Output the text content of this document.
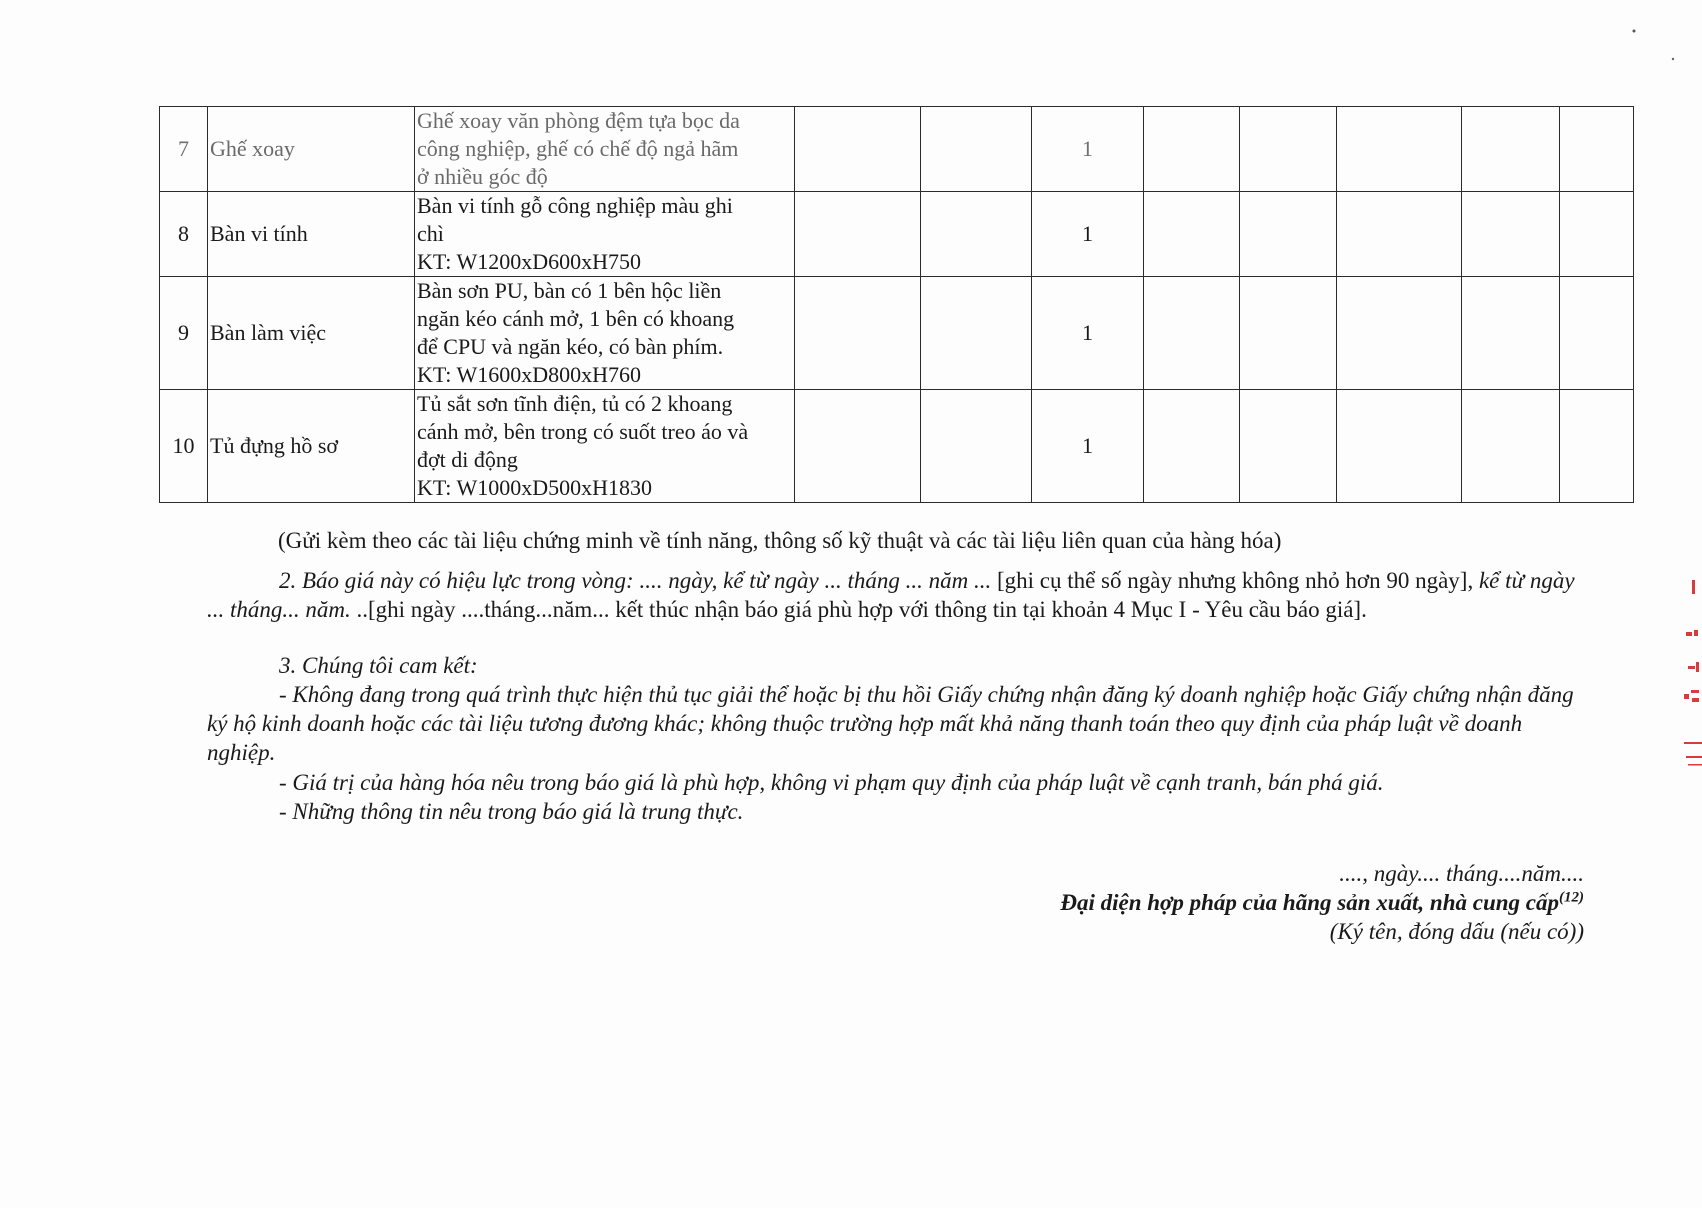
7	Ghế xoay	Ghế xoay văn phòng đệm tựa bọc da
công nghiệp, ghế có chế độ ngả hãm
ở nhiều góc độ			1					
8	Bàn vi tính	Bàn vi tính gỗ công nghiệp màu ghi
chì
KT: W1200xD600xH750			1					
9	Bàn làm việc	Bàn sơn PU, bàn có 1 bên hộc liền
ngăn kéo cánh mở, 1 bên có khoang
để CPU và ngăn kéo, có bàn phím.
KT: W1600xD800xH760			1					
10	Tủ đựng hồ sơ	Tủ sắt sơn tĩnh điện, tủ có 2 khoang
cánh mở, bên trong có suốt treo áo và
đợt di động
KT: W1000xD500xH1830			1					

(Gửi kèm theo các tài liệu chứng minh về tính năng, thông số kỹ thuật và các tài liệu liên quan của hàng hóa)

2. Báo giá này có hiệu lực trong vòng: .... ngày, kể từ ngày ... tháng ... năm ... [ghi cụ thể số ngày nhưng không nhỏ hơn 90 ngày], kể từ ngày ... tháng... năm. ..[ghi ngày ....tháng...năm... kết thúc nhận báo giá phù hợp với thông tin tại khoản 4 Mục I - Yêu cầu báo giá].

3. Chúng tôi cam kết:

- Không đang trong quá trình thực hiện thủ tục giải thể hoặc bị thu hồi Giấy chứng nhận đăng ký doanh nghiệp hoặc Giấy chứng nhận đăng ký hộ kinh doanh hoặc các tài liệu tương đương khác; không thuộc trường hợp mất khả năng thanh toán theo quy định của pháp luật về doanh nghiệp.

- Giá trị của hàng hóa nêu trong báo giá là phù hợp, không vi phạm quy định của pháp luật về cạnh tranh, bán phá giá.

- Những thông tin nêu trong báo giá là trung thực.

...., ngày.... tháng....năm....

Đại diện hợp pháp của hãng sản xuất, nhà cung cấp$^{(12)}$

(Ký tên, đóng dấu (nếu có))
